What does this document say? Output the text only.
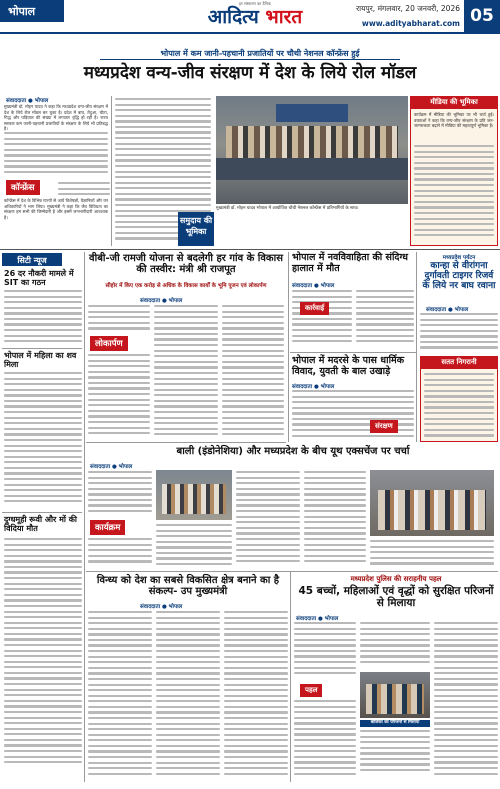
भोपाल
हर संस्करण का दैनिक
आदित्य भारत	रायपुर, मंगलवार, 20 जनवरी, 2026
www.adityabharat.com 05
भोपाल में कम जानी-पहचानी प्रजातियों पर चौथी नेशनल कॉन्फ्रेंस हुई
मध्यप्रदेश वन्य-जीव संरक्षण में देश के लिये रोल मॉडल
संवाददाता ● भोपाल
मुख्यमंत्री डॉ. मोहन यादव ने कहा कि मध्यप्रदेश वन्य-जीव संरक्षण में देश के लिये रोल मॉडल बन चुका है। प्रदेश में बाघ, तेंदुआ, चीता, गिद्ध और घड़ियाल की संख्या में लगातार वृद्धि हो रही है। राज्य सरकार कम जानी-पहचानी प्रजातियों के संरक्षण के लिये भी प्रतिबद्ध है।
कॉन्फ्रेंस
कॉन्फ्रेंस में देश के विभिन्न राज्यों से आये विशेषज्ञों, वैज्ञानिकों और वन अधिकारियों ने भाग लिया। मुख्यमंत्री ने कहा कि जैव विविधता का संरक्षण हम सभी की जिम्मेदारी है और इसमें जनभागीदारी आवश्यक है।	समुदाय की भूमिका
मुख्यमंत्री डॉ. मोहन यादव भोपाल में आयोजित चौथी नेशनल कॉन्फ्रेंस में प्रतिभागियों के साथ।
मीडिया की भूमिका
कार्यक्रम में मीडिया की भूमिका पर भी चर्चा हुई। वक्ताओं ने कहा कि वन्य-जीव संरक्षण के प्रति जन-जागरूकता बढ़ाने में मीडिया की महत्वपूर्ण भूमिका है।
सिटी न्यूज
26 दर नौकरी मामले में SIT का गठन
भोपाल में महिला का शव मिला
दुग्धमूही रूवी और मों की विदिया मौत
वीबी-जी रामजी योजना से बदलेगी हर गांव के विकास की तस्वीर: मंत्री श्री राजपूत
सीहोर में किए एक करोड़ से अधिक के विकास कार्यों के भूमि पूजन एवं लोकार्पण
संवाददाता ● भोपाल
लोकार्पण
बाली (इंडोनेशिया) और मध्यप्रदेश के बीच यूथ एक्सचेंज पर चर्चा
संवाददाता ● भोपाल
कार्यक्रम
विन्ध्य को देश का सबसे विकसित क्षेत्र बनाने का है संकल्प- उप मुख्यमंत्री
संवाददाता ● भोपाल
भोपाल में नवविवाहिता की संदिग्ध हालात में मौत
संवाददाता ● भोपाल
कार्रवाई
भोपाल में मदरसे के पास धार्मिक विवाद, युवती के बाल उखाड़े
संवाददाता ● भोपाल
संरक्षण
मध्यप्रदेश पर्यटन
कान्हा से वीरांगना दुर्गावती टाइगर रिजर्व के लिये नर बाघ रवाना
संवाददाता ● भोपाल
सतत निगरानी
मध्यप्रदेश पुलिस की सराहनीय पहल
45 बच्चों, महिलाओं एवं वृद्धों को सुरक्षित परिजनों से मिलाया
संवाददाता ● भोपाल
पहल
बालिका को परिजनों से मिलाया
